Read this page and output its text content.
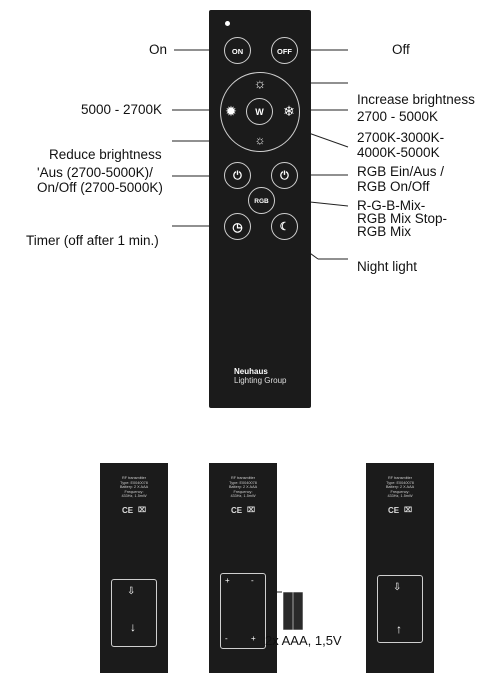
ON	OFF
W
☼
☼
✹	❄
⏻	⏻
RGB
◷	☾
Neuhaus
Lighting Group
On	Off
5000 - 2700K
Increase brightness
2700 - 5000K
2700K-3000K-
4000K-5000K
Reduce brightness
'Aus (2700-5000K)/
On/Off (2700-5000K)
RGB Ein/Aus /
RGB On/Off
R-G-B-Mix-
RGB Mix Stop-
RGB Mix
Timer (off after 1 min.)
Night light
RF transmitter
Type: E0040078
Battery: 2 X AAA
Frequency:
433Hz, 1.5mW
CE ⌧
⇩
↓
RF transmitter
Type: E0040078
Battery: 2 X AAA
Frequency:
433Hz, 1.5mW
CE ⌧
+	-
-	+ 2x AAA, 1,5V
RF transmitter
Type: E0040078
Battery: 2 X AAA
Frequency:
433Hz, 1.5mW
CE ⌧
⇩
↑
